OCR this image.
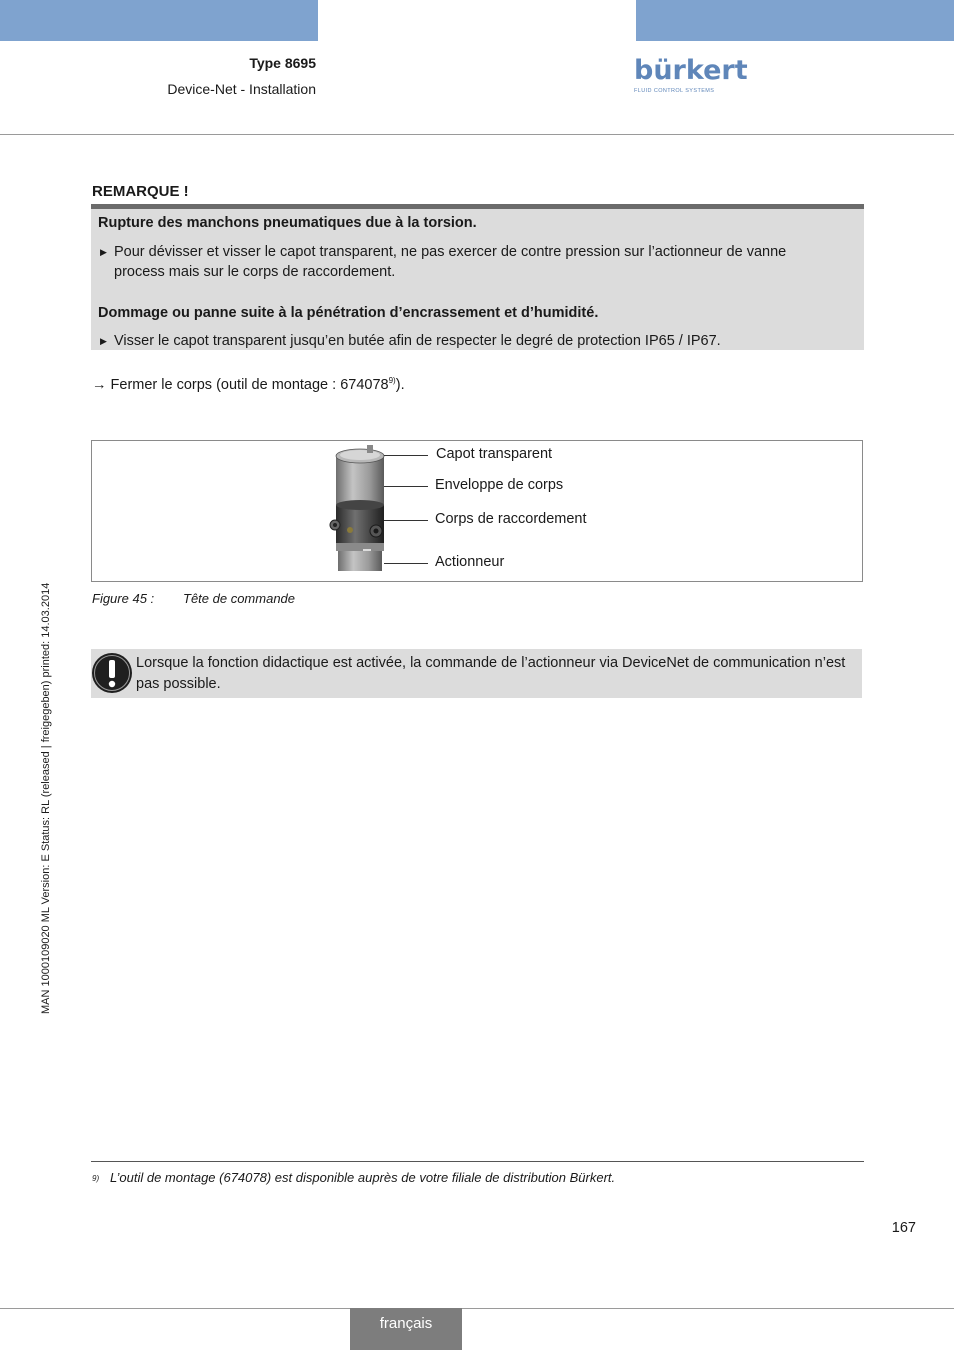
Type 8695
Device-Net - Installation
bürkert
FLUID CONTROL SYSTEMS
REMARQUE !
Rupture des manchons pneumatiques due à la torsion.
▶ Pour dévisser et visser le capot transparent, ne pas exercer de contre pression sur l’actionneur de vanne process mais sur le corps de raccordement.
Dommage ou panne suite à la pénétration d’encrassement et d’humidité.
▶ Visser le capot transparent jusqu’en butée afin de respecter le degré de protection IP65 / IP67.
→ Fermer le corps (outil de montage : 674078$^{9)}$).
Capot transparent
Enveloppe de corps
Corps de raccordement
Actionneur
Figure 45 : Tête de commande
Lorsque la fonction didactique est activée, la commande de l’actionneur via DeviceNet de communication n’est pas possible.
MAN 1000109020 ML Version: E Status: RL (released | freigegeben) printed: 14.03.2014
9) L’outil de montage (674078) est disponible auprès de votre filiale de distribution Bürkert.
167
français
